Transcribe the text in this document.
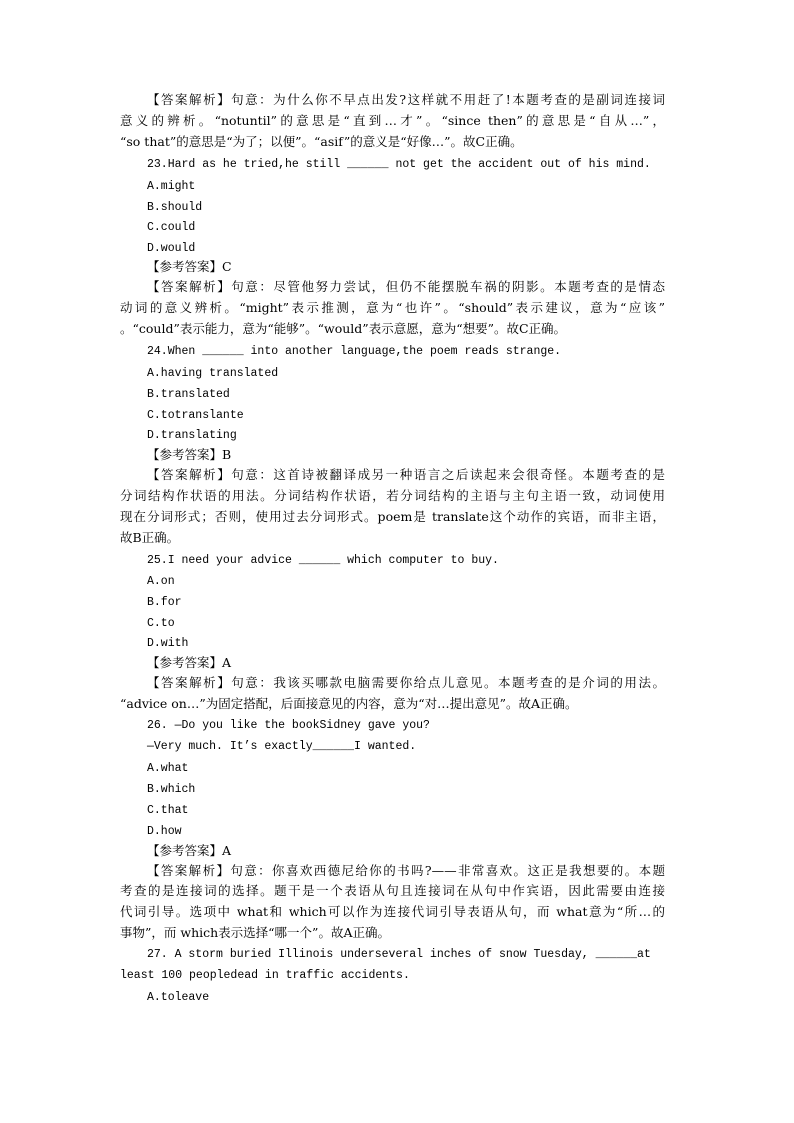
【答案解析】句意：为什么你不早点出发?这样就不用赶了!本题考查的是副词连接词
意义的辨析。“notuntil”的意思是“直到…才”。“since then”的意思是“自从…”，
“so that”的意思是“为了；以便”。“asif”的意义是“好像…”。故C正确。
23.Hard as he tried,he still ______ not get the accident out of his mind.
A.might
B.should
C.could
D.would
【参考答案】C
【答案解析】句意：尽管他努力尝试，但仍不能摆脱车祸的阴影。本题考查的是情态
动词的意义辨析。“might”表示推测，意为“也许”。“should”表示建议，意为“应该”
。“could”表示能力，意为“能够”。“would”表示意愿，意为“想要”。故C正确。
24.When ______ into another language,the poem reads strange.
A.having translated
B.translated
C.totranslante
D.translating
【参考答案】B
【答案解析】句意：这首诗被翻译成另一种语言之后读起来会很奇怪。本题考查的是
分词结构作状语的用法。分词结构作状语，若分词结构的主语与主句主语一致，动词使用
现在分词形式；否则，使用过去分词形式。poem是 translate这个动作的宾语，而非主语，
故B正确。
25.I need your advice ______ which computer to buy.
A.on
B.for
C.to
D.with
【参考答案】A
【答案解析】句意：我该买哪款电脑需要你给点儿意见。本题考查的是介词的用法。
“advice on…”为固定搭配，后面接意见的内容，意为“对…提出意见”。故A正确。
26. —Do you like the bookSidney gave you?
—Very much. It’s exactly______I wanted.
A.what
B.which
C.that
D.how
【参考答案】A
【答案解析】句意：你喜欢西德尼给你的书吗?——非常喜欢。这正是我想要的。本题
考查的是连接词的选择。题干是一个表语从句且连接词在从句中作宾语，因此需要由连接
代词引导。选项中 what和 which可以作为连接代词引导表语从句，而 what意为“所…的
事物”，而 which表示选择“哪一个”。故A正确。
27. A storm buried Illinois underseveral inches of snow Tuesday, ______at
least 100 peopledead in traffic accidents.
A.toleave
